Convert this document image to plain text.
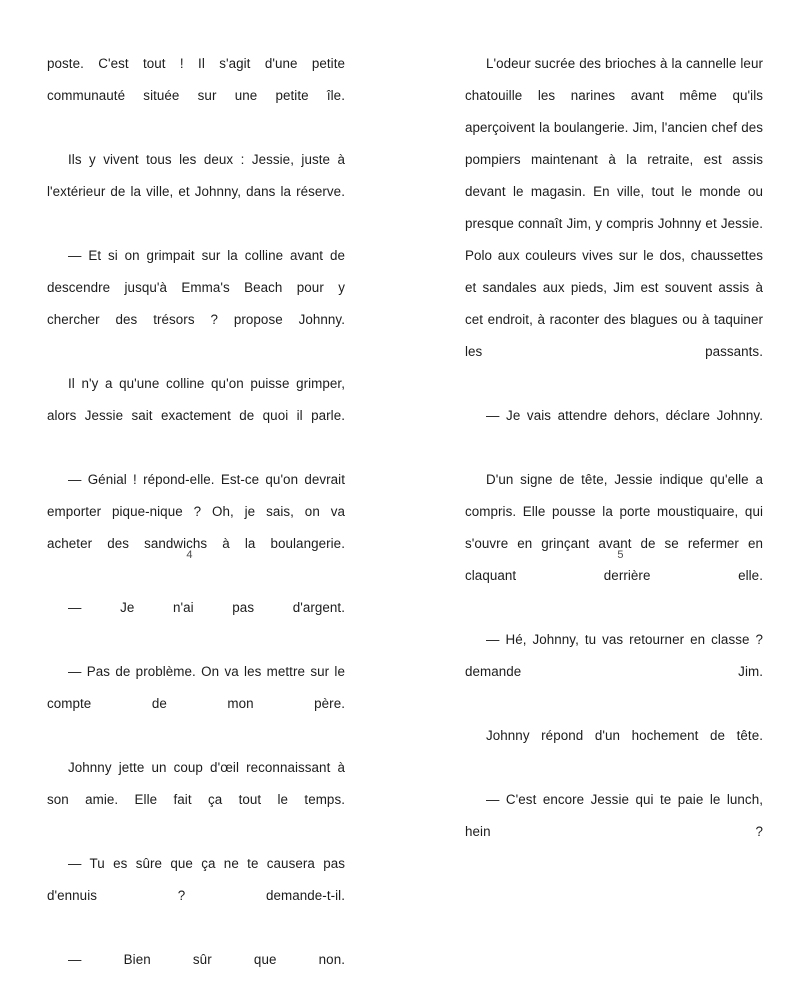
poste. C'est tout ! Il s'agit d'une petite communauté située sur une petite île.

Ils y vivent tous les deux : Jessie, juste à l'extérieur de la ville, et Johnny, dans la réserve.

— Et si on grimpait sur la colline avant de descendre jusqu'à Emma's Beach pour y chercher des trésors ? propose Johnny.

Il n'y a qu'une colline qu'on puisse grimper, alors Jessie sait exactement de quoi il parle.

— Génial ! répond-elle. Est-ce qu'on devrait emporter pique-nique ? Oh, je sais, on va acheter des sandwichs à la boulangerie.

— Je n'ai pas d'argent.

— Pas de problème. On va les mettre sur le compte de mon père.

Johnny jette un coup d'œil reconnaissant à son amie. Elle fait ça tout le temps.

— Tu es sûre que ça ne te causera pas d'ennuis ? demande-t-il.

— Bien sûr que non.

4

L'odeur sucrée des brioches à la cannelle leur chatouille les narines avant même qu'ils aperçoivent la boulangerie. Jim, l'ancien chef des pompiers maintenant à la retraite, est assis devant le magasin. En ville, tout le monde ou presque connaît Jim, y compris Johnny et Jessie. Polo aux couleurs vives sur le dos, chaussettes et sandales aux pieds, Jim est souvent assis à cet endroit, à raconter des blagues ou à taquiner les passants.

— Je vais attendre dehors, déclare Johnny.

D'un signe de tête, Jessie indique qu'elle a compris. Elle pousse la porte moustiquaire, qui s'ouvre en grinçant avant de se refermer en claquant derrière elle.

— Hé, Johnny, tu vas retourner en classe ? demande Jim.

Johnny répond d'un hochement de tête.

— C'est encore Jessie qui te paie le lunch, hein ?

5
